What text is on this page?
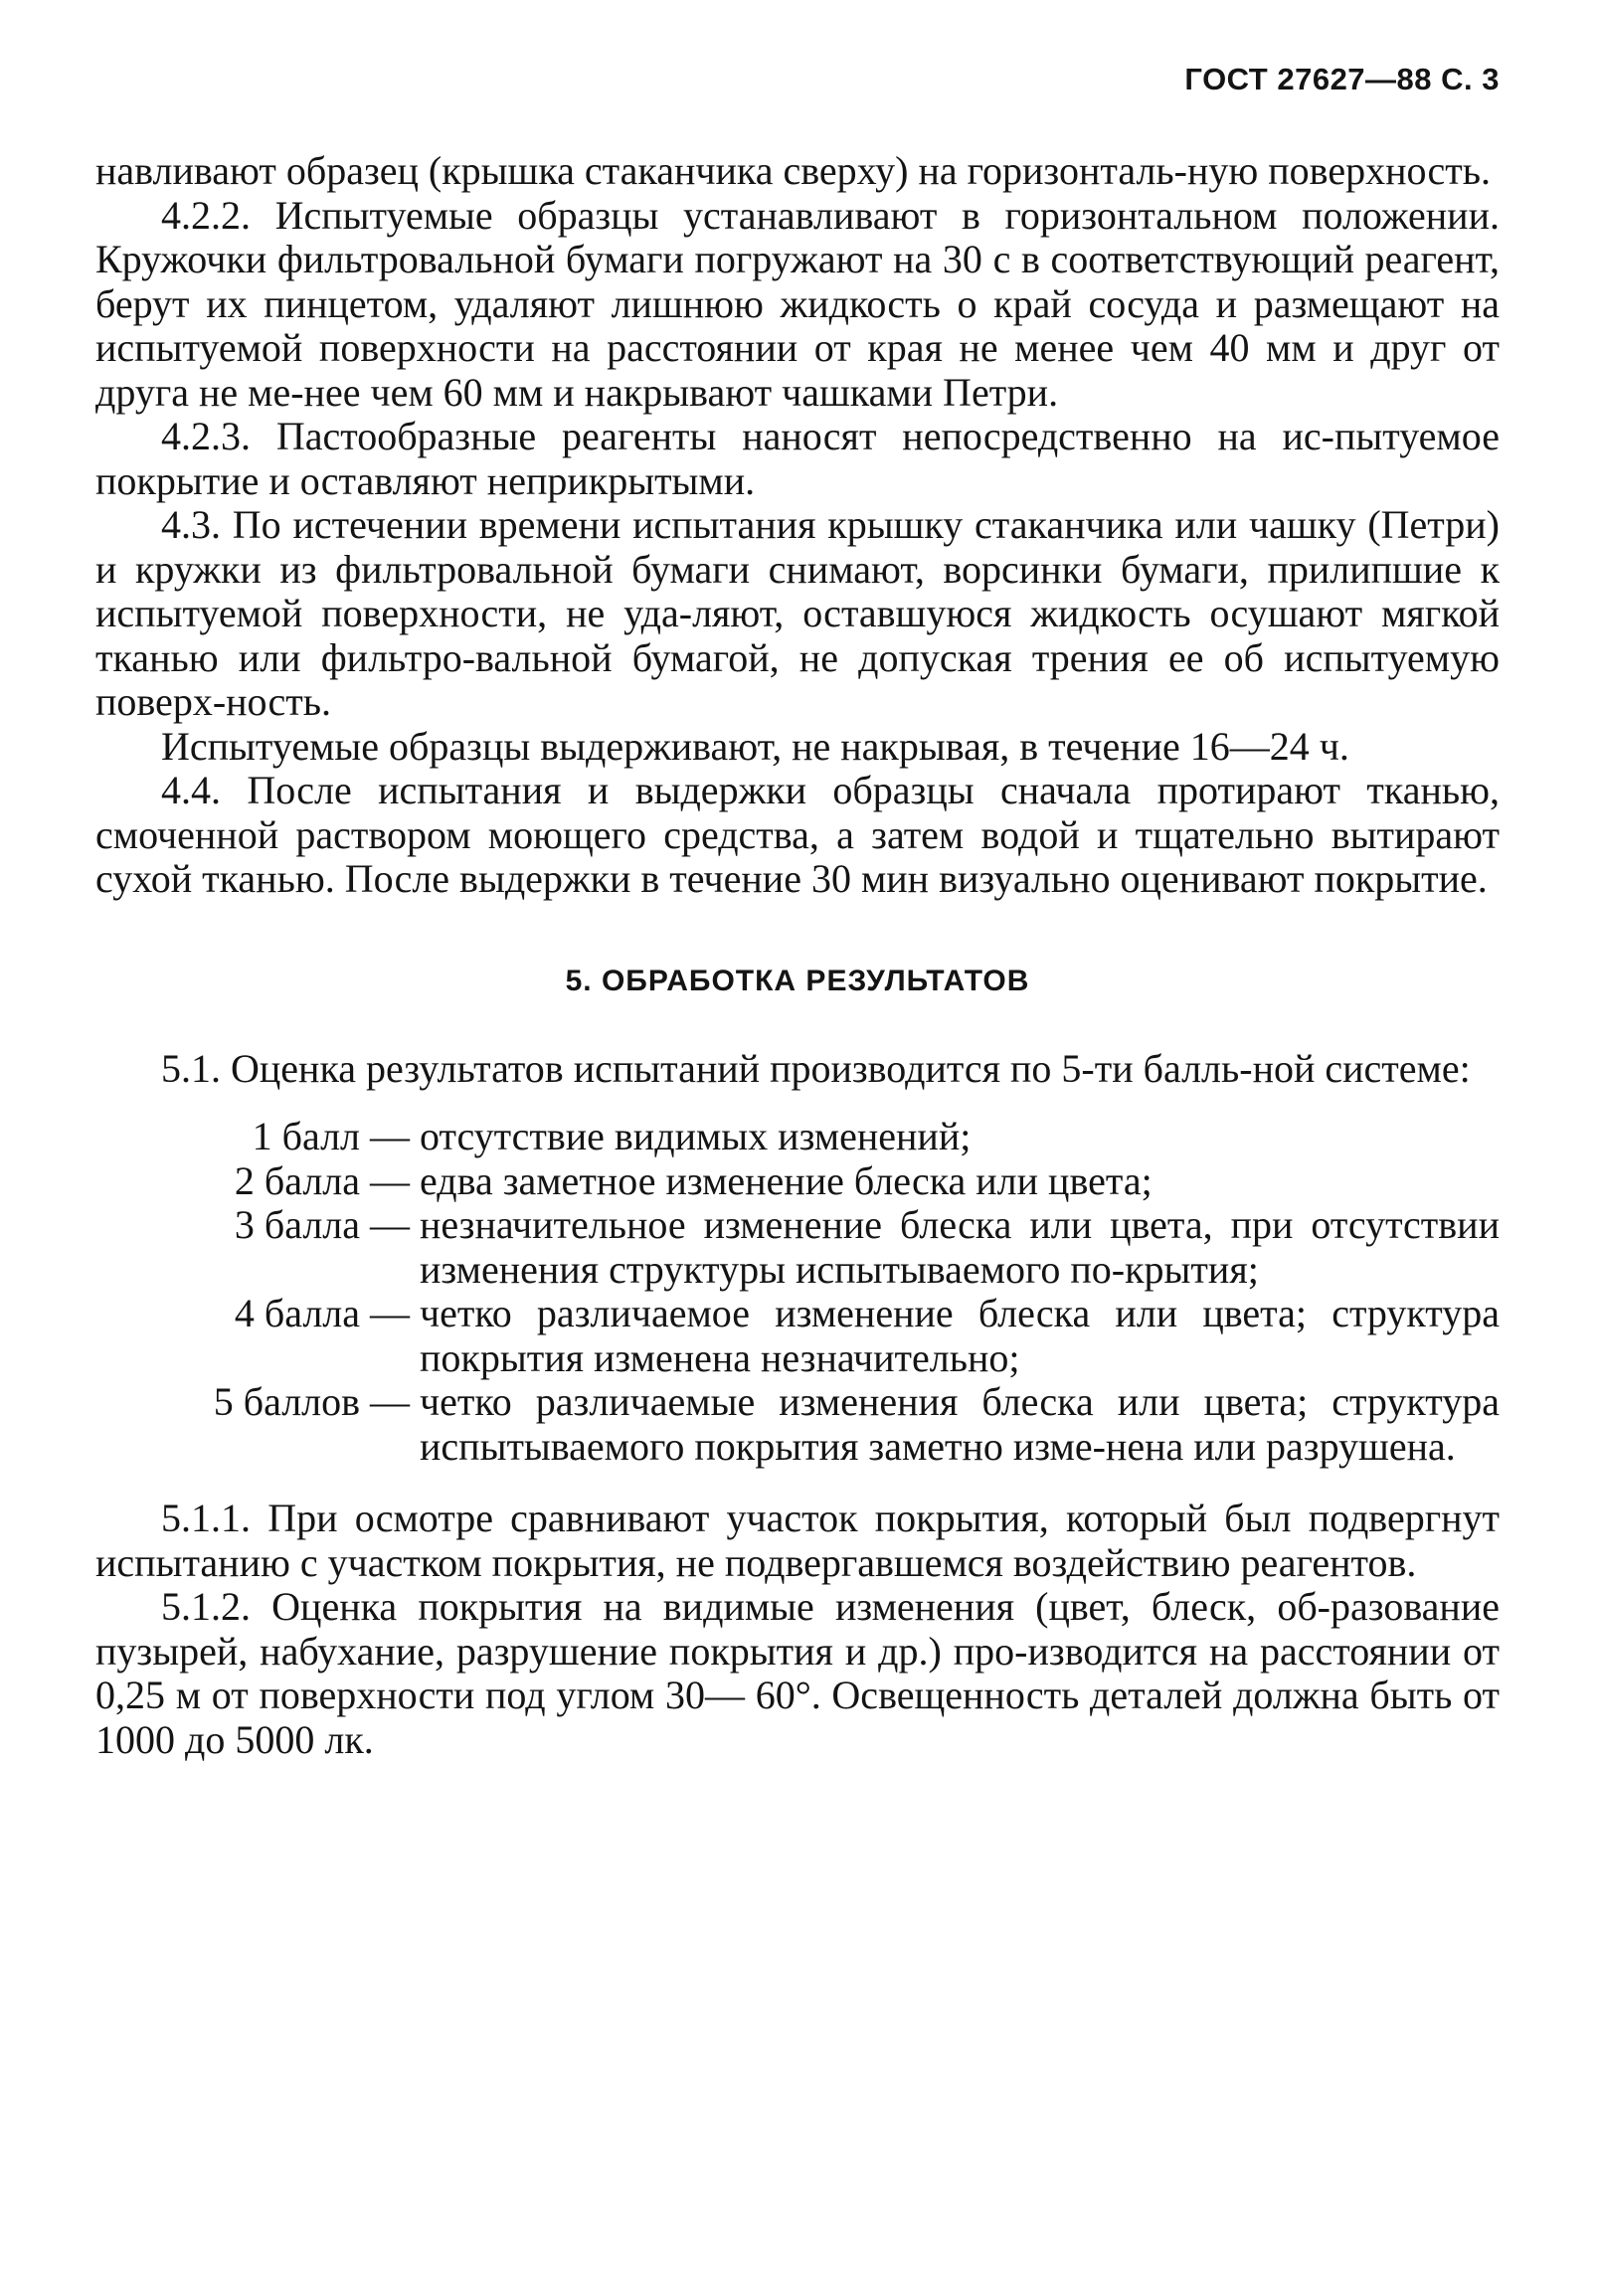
ГОСТ 27627—88 С. 3

навливают образец (крышка стаканчика сверху) на горизонталь-ную поверхность.

4.2.2. Испытуемые образцы устанавливают в горизонтальном положении. Кружочки фильтровальной бумаги погружают на 30 с в соответствующий реагент, берут их пинцетом, удаляют лишнюю жидкость о край сосуда и размещают на испытуемой поверхности на расстоянии от края не менее чем 40 мм и друг от друга не ме-нее чем 60 мм и накрывают чашками Петри.

4.2.3. Пастообразные реагенты наносят непосредственно на ис-пытуемое покрытие и оставляют неприкрытыми.

4.3. По истечении времени испытания крышку стаканчика или чашку (Петри) и кружки из фильтровальной бумаги снимают, ворсинки бумаги, прилипшие к испытуемой поверхности, не уда-ляют, оставшуюся жидкость осушают мягкой тканью или фильтро-вальной бумагой, не допуская трения ее об испытуемую поверх-ность.

Испытуемые образцы выдерживают, не накрывая, в течение 16—24 ч.

4.4. После испытания и выдержки образцы сначала протирают тканью, смоченной раствором моющего средства, а затем водой и тщательно вытирают сухой тканью. После выдержки в течение 30 мин визуально оценивают покрытие.

5. ОБРАБОТКА РЕЗУЛЬТАТОВ

5.1. Оценка результатов испытаний производится по 5-ти балль-ной системе:

1 балл — отсутствие видимых изменений;
2 балла — едва заметное изменение блеска или цвета;
3 балла — незначительное изменение блеска или цвета, при отсутствии изменения структуры испытываемого по-крытия;
4 балла — четко различаемое изменение блеска или цвета; структура покрытия изменена незначительно;
5 баллов — четко различаемые изменения блеска или цвета; структура испытываемого покрытия заметно изме-нена или разрушена.

5.1.1. При осмотре сравнивают участок покрытия, который был подвергнут испытанию с участком покрытия, не подвергавшемся воздействию реагентов.

5.1.2. Оценка покрытия на видимые изменения (цвет, блеск, об-разование пузырей, набухание, разрушение покрытия и др.) про-изводится на расстоянии от 0,25 м от поверхности под углом 30— 60°. Освещенность деталей должна быть от 1000 до 5000 лк.
